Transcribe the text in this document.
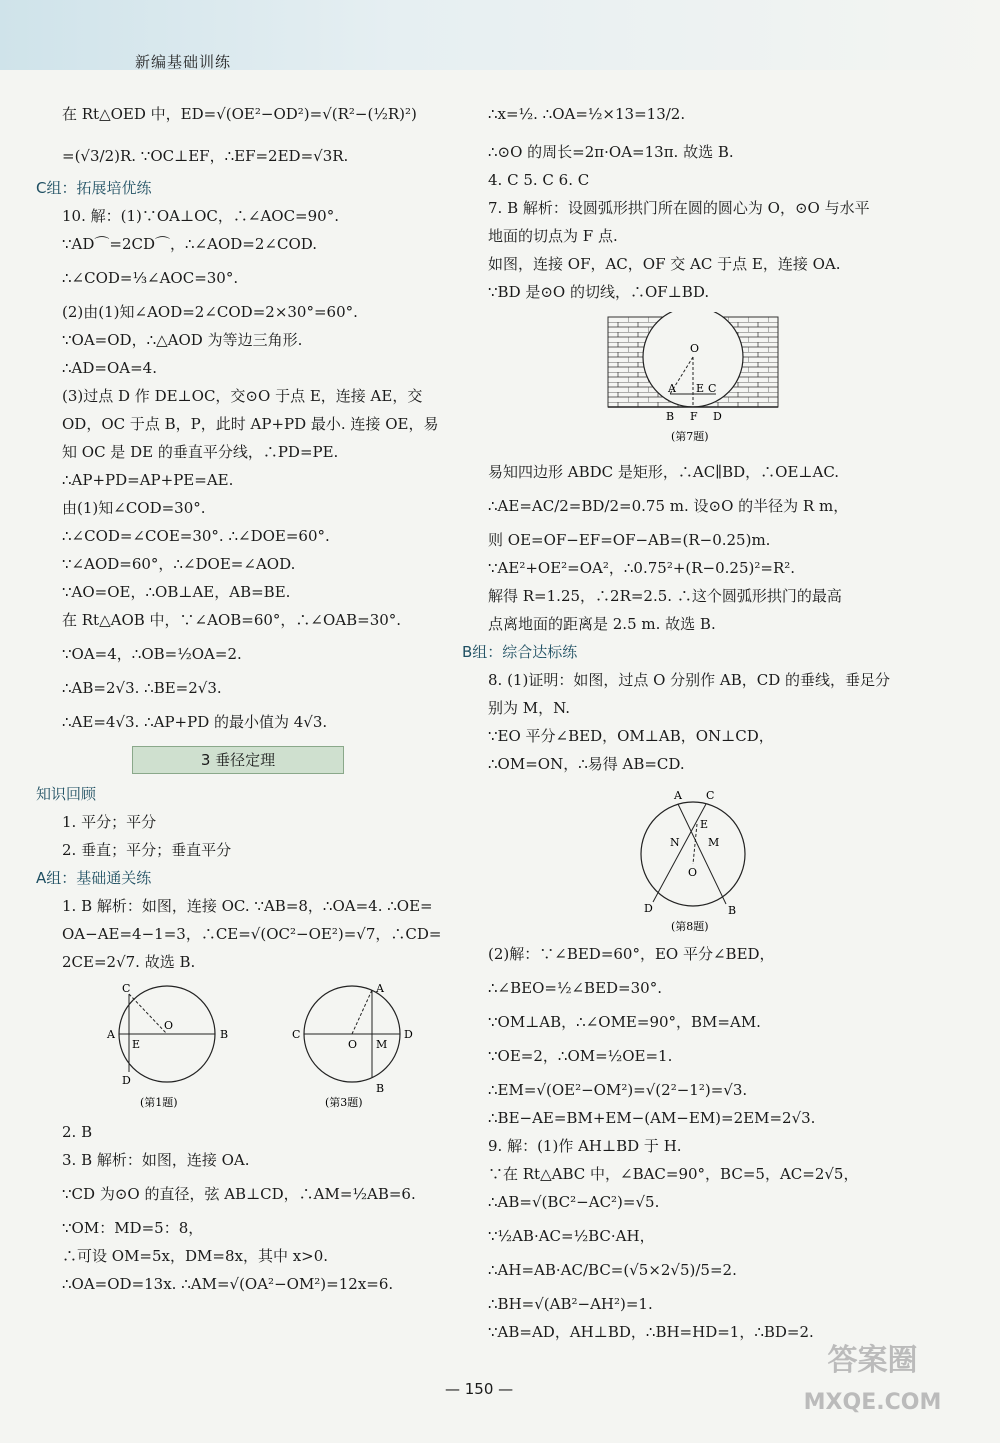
新编基础训练

在 Rt△OED 中，ED=√(OE²−OD²)=√(R²−(½R)²)

=(√3/2)R. ∵OC⊥EF，∴EF=2ED=√3R.

C组：拓展培优练

10. 解：(1)∵OA⊥OC，∴∠AOC=90°.

∵AD⌒=2CD⌒，∴∠AOD=2∠COD.

∴∠COD=⅓∠AOC=30°.

(2)由(1)知∠AOD=2∠COD=2×30°=60°.

∵OA=OD，∴△AOD 为等边三角形.

∴AD=OA=4.

(3)过点 D 作 DE⊥OC，交⊙O 于点 E，连接 AE，交

OD，OC 于点 B，P，此时 AP+PD 最小. 连接 OE，易

知 OC 是 DE 的垂直平分线，∴PD=PE.

∴AP+PD=AP+PE=AE.

由(1)知∠COD=30°.

∴∠COD=∠COE=30°. ∴∠DOE=60°.

∵∠AOD=60°，∴∠DOE=∠AOD.

∵AO=OE，∴OB⊥AE，AB=BE.

在 Rt△AOB 中，∵∠AOB=60°，∴∠OAB=30°.

∵OA=4，∴OB=½OA=2.

∴AB=2√3. ∴BE=2√3.

∴AE=4√3. ∴AP+PD 的最小值为 4√3.

3 垂径定理

知识回顾

1. 平分；平分

2. 垂直；平分；垂直平分

A组：基础通关练

1. B 解析：如图，连接 OC. ∵AB=8，∴OA=4. ∴OE=

OA−AE=4−1=3，∴CE=√(OC²−OE²)=√7，∴CD=

2CE=2√7. 故选 B.

A	B
C
D
E
O
(第1题)
A
B
C	D
O M
(第3题)

2. B

3. B 解析：如图，连接 OA.

∵CD 为⊙O 的直径，弦 AB⊥CD，∴AM=½AB=6.

∵OM：MD=5：8，

∴可设 OM=5x，DM=8x，其中 x>0.

∴OA=OD=13x. ∴AM=√(OA²−OM²)=12x=6.

∴x=½. ∴OA=½×13=13/2.

∴⊙O 的周长=2π·OA=13π. 故选 B.

4. C 5. C 6. C

7. B 解析：设圆弧形拱门所在圆的圆心为 O，⊙O 与水平

地面的切点为 F 点.

如图，连接 OF，AC，OF 交 AC 于点 E，连接 OA.

∵BD 是⊙O 的切线，∴OF⊥BD.

O
A E C
B F D
(第7题)

易知四边形 ABDC 是矩形，∴AC∥BD，∴OE⊥AC.

∴AE=AC/2=BD/2=0.75 m. 设⊙O 的半径为 R m，

则 OE=OF−EF=OF−AB=(R−0.25)m.

∵AE²+OE²=OA²，∴0.75²+(R−0.25)²=R².

解得 R=1.25，∴2R=2.5. ∴这个圆弧形拱门的最高

点离地面的距离是 2.5 m. 故选 B.

B组：综合达标练

8. (1)证明：如图，过点 O 分别作 AB，CD 的垂线，垂足分

别为 M，N.

∵EO 平分∠BED，OM⊥AB，ON⊥CD，

∴OM=ON，∴易得 AB=CD.

A C
E
N	M
O
D	B
(第8题)

(2)解：∵∠BED=60°，EO 平分∠BED，

∴∠BEO=½∠BED=30°.

∵OM⊥AB，∴∠OME=90°，BM=AM.

∵OE=2，∴OM=½OE=1.

∴EM=√(OE²−OM²)=√(2²−1²)=√3.

∴BE−AE=BM+EM−(AM−EM)=2EM=2√3.

9. 解：(1)作 AH⊥BD 于 H.

∵在 Rt△ABC 中，∠BAC=90°，BC=5，AC=2√5，

∴AB=√(BC²−AC²)=√5.

∵½AB·AC=½BC·AH，

∴AH=AB·AC/BC=(√5×2√5)/5=2.

∴BH=√(AB²−AH²)=1.

∵AB=AD，AH⊥BD，∴BH=HD=1，∴BD=2.

— 150 —
答案圈
MXQE.COM
